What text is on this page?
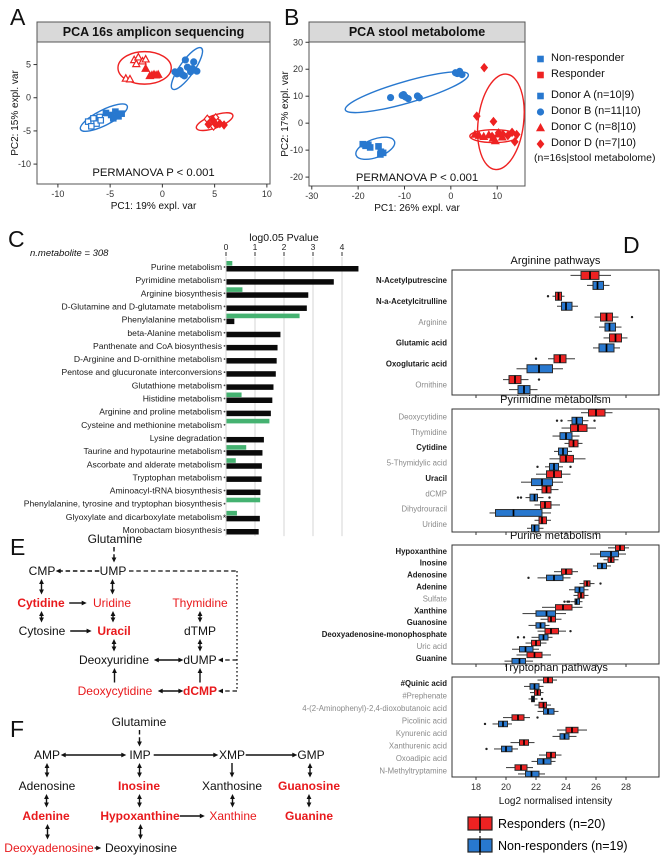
A	B
C	D
E
F
PCA 16s amplicon sequencing
-10	-5	0	5	10
5
0
-5
-10
PC1: 19% expl. var
PC2: 15% expl. var
PERMANOVA P < 0.001
PCA stool metabolome
-30	-20	-10	0	10
30
20
10
0
-10
-20
PC1: 26% expl. var
PC2: 17% expl. var
PERMANOVA P < 0.001
Non-responder
Responder
Donor A (n=10|9)
Donor B (n=11|10)
Donor C (n=8|10)
Donor D (n=7|10)
(n=16s|stool metabolome)
log0.05 Pvalue
n.metabolite = 308
0	1	2	3	4
Purine metabolism
Pyrimidine metabolism
Arginine biosynthesis
D-Glutamine and D-glutamate metabolism
Phenylalanine metabolism
beta-Alanine metabolism
Panthenate and CoA biosynthesis
D-Arginine and D-ornithine metabolism
Pentose and glucuronate interconversions
Glutathione metabolism
Histidine metabolism
Arginine and proline metabolism
Cysteine and methionine metabolism
Lysine degradation
Taurine and hypotaurine metabolism
Ascorbate and alderate metabolism
Tryptophan metabolism
Aminoacyl-tRNA biosynthesis
Phenylalanine, tyrosine and tryptophan biosynthesis
Glyoxylate and dicarboxylate metabolism *
Monobactam biosynthesis
Arginine pathways
N-Acetylputrescine
N-a-Acetylcitrulline
Arginine
Glutamic acid
Oxoglutaric acid
Ornithine
Pyrimidine metabolism
Deoxycytidine
Thymidine
Cytidine
5-Thymidylic acid
Uracil
dCMP
Dihydrouracil
Uridine
Purine metabolism
Hypoxanthine
Inosine
Adenosine
Adenine
Sulfate
Xanthine
Guanosine
Deoxyadenosine-monophosphate
Uric acid
Guanine
Tryptophan pathways
#Quinic acid
#Prephenate
4-(2-Aminophenyl)-2,4-dioxobutanoic acid
Picolinic acid
Kynurenic acid
Xanthurenic acid
Oxoadipic acid
N-Methyltryptamine
18 20 22 24 26 28
Log2 normalised intensity
Responders (n=20)
Non-responders (n=19)
Glutamine
CMP	UMP
Cytidine Uridine	Thymidine
Cytosine	Uracil	dTMP
Deoxyuridine	dUMP
Deoxycytidine	dCMP
Glutamine
AMP	IMP	XMP	GMP
Adenosine	Inosine	Xanthosine Guanosine
Adenine	Hypoxanthine Xanthine Guanine
Deoxyadenosine Deoxyinosine
